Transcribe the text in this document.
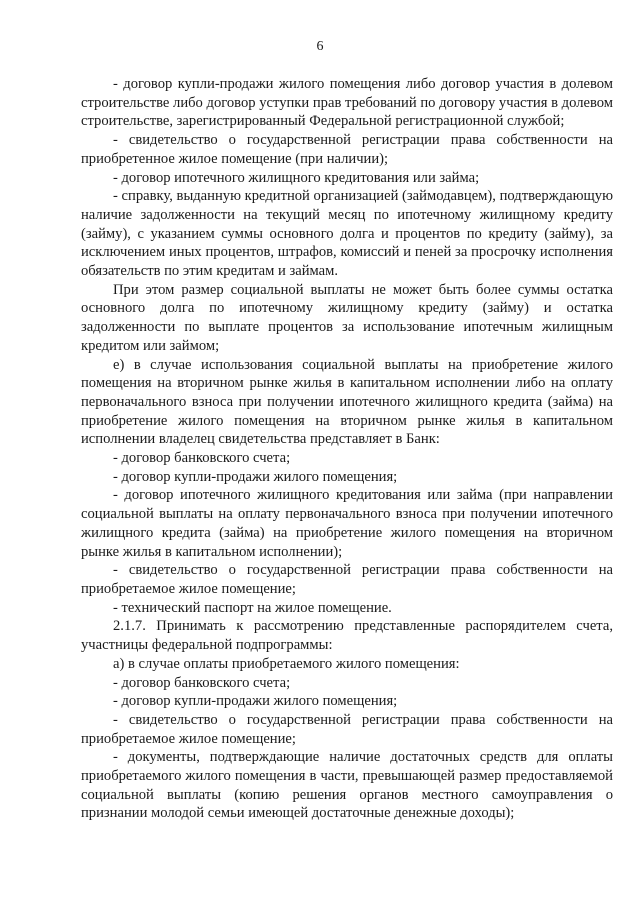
6

- договор купли-продажи жилого помещения либо договор участия в долевом строительстве либо договор уступки прав требований по договору участия в долевом строительстве, зарегистрированный Федеральной регистрационной службой;

- свидетельство о государственной регистрации права собственности на приобретенное жилое помещение (при наличии);

- договор ипотечного жилищного кредитования или займа;

- справку, выданную кредитной организацией (займодавцем), подтверждающую наличие задолженности на текущий месяц по ипотечному жилищному кредиту (займу), с указанием суммы основного долга и процентов по кредиту (займу), за исключением иных процентов, штрафов, комиссий и пеней за просрочку исполнения обязательств по этим кредитам и займам.

При этом размер социальной выплаты не может быть более суммы остатка основного долга по ипотечному жилищному кредиту (займу) и остатка задолженности по выплате процентов за использование ипотечным жилищным кредитом или займом;

е) в случае использования социальной выплаты на приобретение жилого помещения на вторичном рынке жилья в капитальном исполнении либо на оплату первоначального взноса при получении ипотечного жилищного кредита (займа) на приобретение жилого помещения на вторичном рынке жилья в капитальном исполнении владелец свидетельства представляет в Банк:

- договор банковского счета;

- договор купли-продажи жилого помещения;

- договор ипотечного жилищного кредитования или займа (при направлении социальной выплаты на оплату первоначального взноса при получении ипотечного жилищного кредита (займа) на приобретение жилого помещения на вторичном рынке жилья в капитальном исполнении);

- свидетельство о государственной регистрации права собственности на приобретаемое жилое помещение;

- технический паспорт на жилое помещение.

2.1.7. Принимать к рассмотрению представленные распорядителем счета, участницы федеральной подпрограммы:

а) в случае оплаты приобретаемого жилого помещения:

- договор банковского счета;

- договор купли-продажи жилого помещения;

- свидетельство о государственной регистрации права собственности на приобретаемое жилое помещение;

- документы, подтверждающие наличие достаточных средств для оплаты приобретаемого жилого помещения в части, превышающей размер предоставляемой социальной выплаты (копию решения органов местного самоуправления о признании молодой семьи имеющей достаточные денежные доходы);
